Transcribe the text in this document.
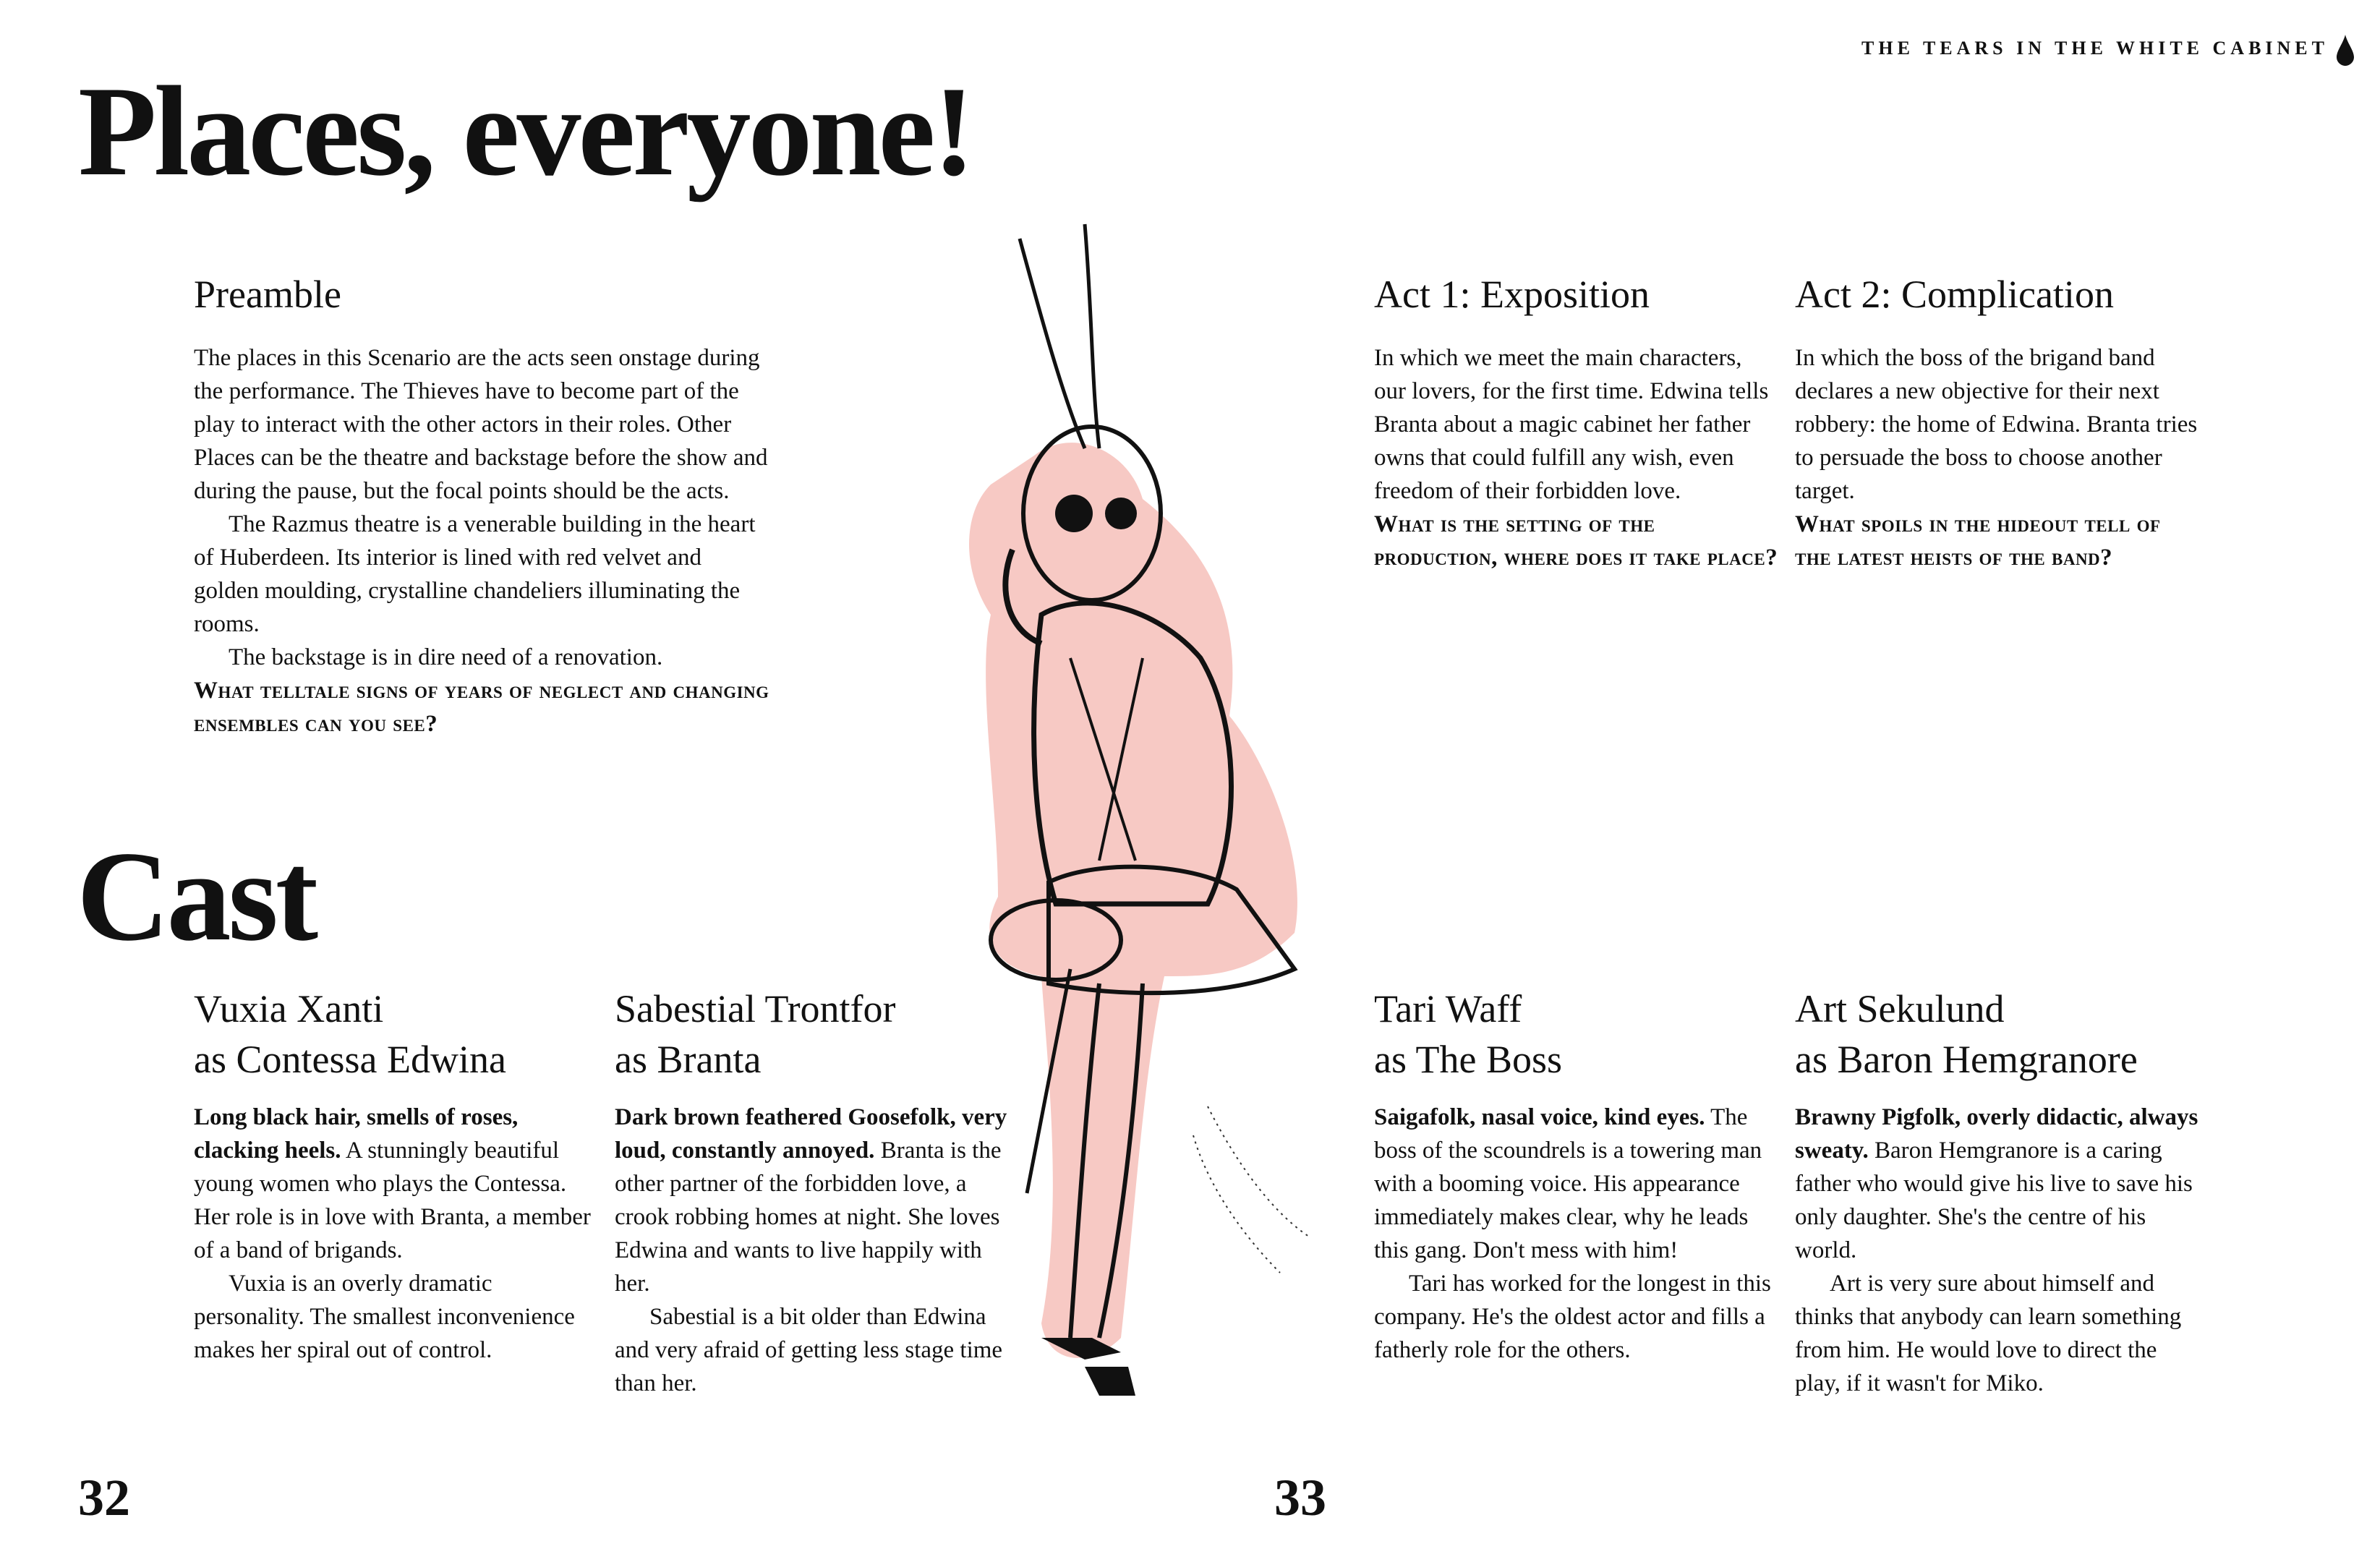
THE TEARS IN THE WHITE CABINET
Places, everyone!
Preamble

The places in this Scenario are the acts seen onstage during the performance. The Thieves have to become part of the play to interact with the other actors in their roles. Other Places can be the theatre and backstage before the show and during the pause, but the focal points should be the acts.

The Razmus theatre is a venerable building in the heart of Huberdeen. Its interior is lined with red velvet and golden moulding, crystalline chandeliers illuminating the rooms.

The backstage is in dire need of a renovation.

What telltale signs of years of neglect and changing ensembles can you see?

Act 1: Exposition

In which we meet the main characters, our lovers, for the first time. Edwina tells Branta about a magic cabinet her father owns that could fulfill any wish, even freedom of their forbidden love.

What is the setting of the production, where does it take place?

Act 2: Complication

In which the boss of the brigand band declares a new objective for their next robbery: the home of Edwina. Branta tries to persuade the boss to choose another target.

What spoils in the hideout tell of the latest heists of the band?

Cast
Vuxia Xanti
as Contessa Edwina

Long black hair, smells of roses, clacking heels. A stunningly beautiful young women who plays the Contessa. Her role is in love with Branta, a member of a band of brigands.

Vuxia is an overly dramatic personality. The smallest inconvenience makes her spiral out of control.

Sabestial Trontfor
as Branta

Dark brown feathered Goosefolk, very loud, constantly annoyed. Branta is the other partner of the forbidden love, a crook robbing homes at night. She loves Edwina and wants to live happily with her.

Sabestial is a bit older than Edwina and very afraid of getting less stage time than her.

Tari Waff
as The Boss

Saigafolk, nasal voice, kind eyes. The boss of the scoundrels is a towering man with a booming voice. His appearance immediately makes clear, why he leads this gang. Don't mess with him!

Tari has worked for the longest in this company. He's the oldest actor and fills a fatherly role for the others.

Art Sekulund
as Baron Hemgranore

Brawny Pigfolk, overly didactic, always sweaty. Baron Hemgranore is a caring father who would give his live to save his only daughter. She's the centre of his world.

Art is very sure about himself and thinks that anybody can learn something from him. He would love to direct the play, if it wasn't for Miko.

32	33
